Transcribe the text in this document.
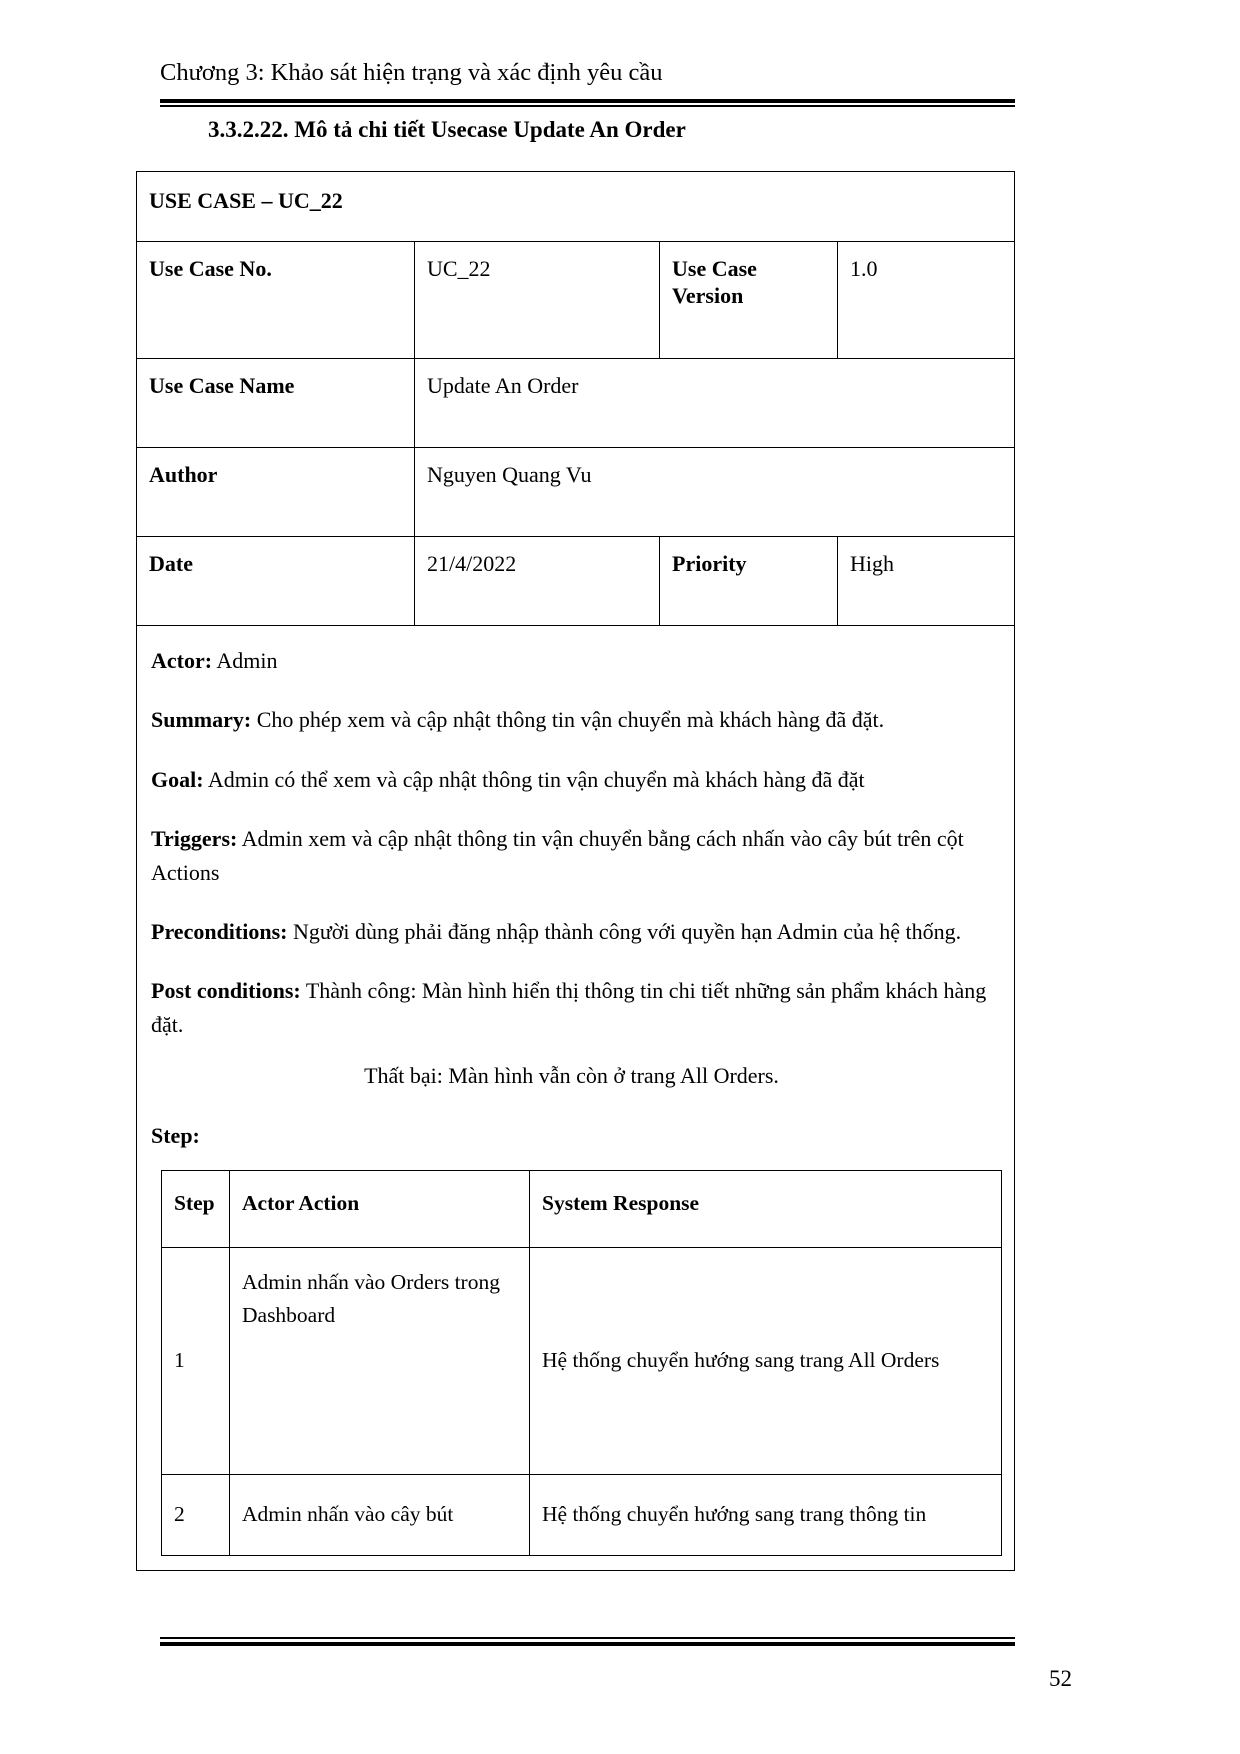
Chương 3: Khảo sát hiện trạng và xác định yêu cầu
3.3.2.22. Mô tả chi tiết Usecase Update An Order
USE CASE – UC_22
Use Case No.	UC_22	Use Case Version	1.0
Use Case Name	Update An Order
Author	Nguyen Quang Vu
Date	21/4/2022	Priority	High

Actor: Admin

Summary: Cho phép xem và cập nhật thông tin vận chuyển mà khách hàng đã đặt.

Goal: Admin có thể xem và cập nhật thông tin vận chuyển mà khách hàng đã đặt

Triggers: Admin xem và cập nhật thông tin vận chuyển bằng cách nhấn vào cây bút trên cột Actions

Preconditions: Người dùng phải đăng nhập thành công với quyền hạn Admin của hệ thống.

Post conditions: Thành công: Màn hình hiển thị thông tin chi tiết những sản phẩm khách hàng đặt.

Thất bại: Màn hình vẫn còn ở trang All Orders.

Step:

Step	Actor Action	System Response
1	Admin nhấn vào Orders trong Dashboard	Hệ thống chuyển hướng sang trang All Orders
2	Admin nhấn vào cây bút	Hệ thống chuyển hướng sang trang thông tin
52
